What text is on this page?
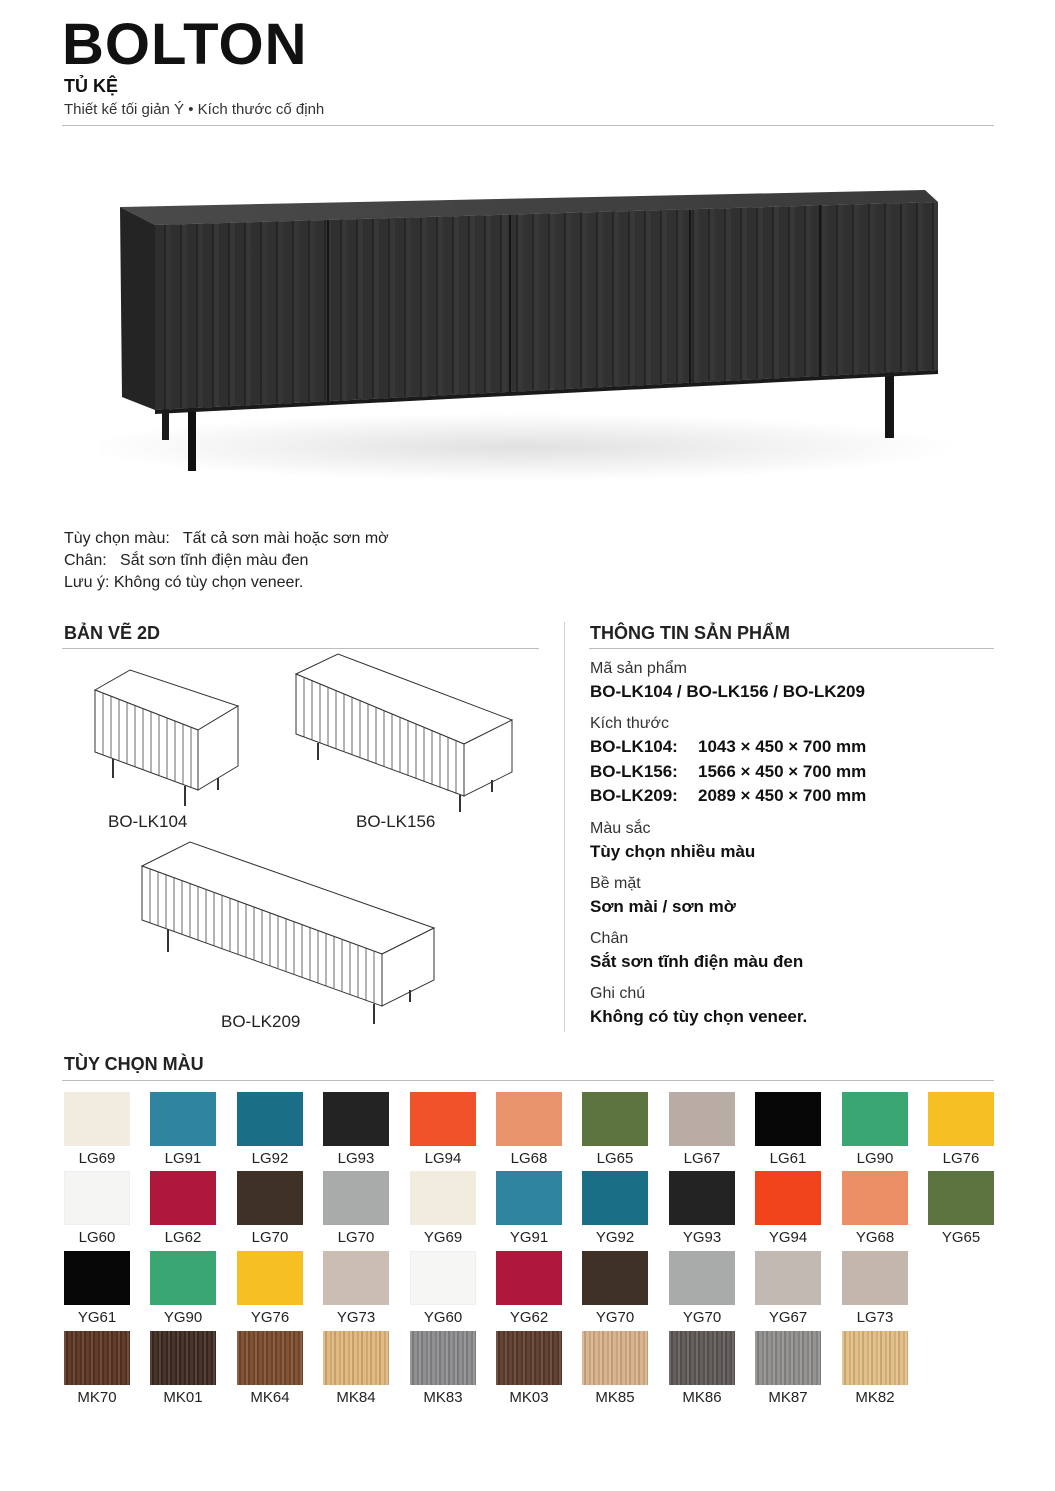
BOLTON
TỦ KỆ
Thiết kế tối giản Ý • Kích thước cố định
Tùy chọn màu: Tất cả sơn mài hoặc sơn mờ
Chân: Sắt sơn tĩnh điện màu đen
Lưu ý: Không có tùy chọn veneer.
BẢN VẼ 2D
BO-LK104	BO-LK156
BO-LK209
THÔNG TIN SẢN PHẨM
Mã sản phẩm
BO-LK104 / BO-LK156 / BO-LK209
Kích thước
BO-LK104:	1043 × 450 × 700 mm
BO-LK156:	1566 × 450 × 700 mm
BO-LK209:	2089 × 450 × 700 mm
Màu sắc
Tùy chọn nhiều màu
Bề mặt
Sơn mài / sơn mờ
Chân
Sắt sơn tĩnh điện màu đen
Ghi chú
Không có tùy chọn veneer.
TÙY CHỌN MÀU
LG69	LG91	LG92	LG93	LG94	LG68	LG65	LG67	LG61	LG90	LG76
LG60	LG62	LG70	LG70	YG69	YG91	YG92	YG93	YG94	YG68	YG65
YG61	YG90	YG76	YG73	YG60	YG62	YG70	YG70	YG67	LG73
MK70	MK01	MK64	MK84	MK83	MK03	MK85	MK86	MK87	MK82
